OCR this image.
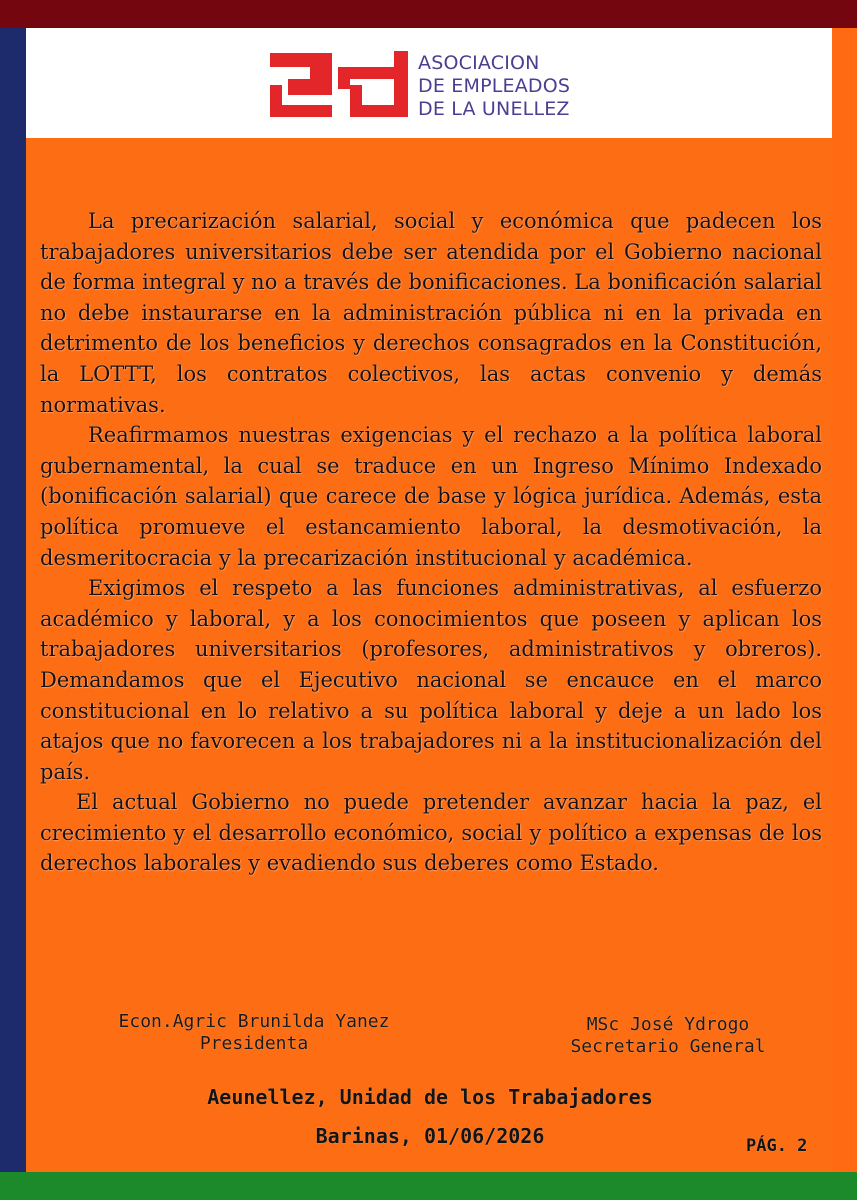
ASOCIACION
DE EMPLEADOS
DE LA UNELLEZ

La precarización salarial, social y económica que padecen los trabajadores universitarios debe ser atendida por el Gobierno nacional de forma integral y no a través de bonificaciones. La bonificación salarial no debe instaurarse en la administración pública ni en la privada en detrimento de los beneficios y derechos consagrados en la Constitución, la LOTTT, los contratos colectivos, las actas convenio y demás normativas.

Reafirmamos nuestras exigencias y el rechazo a la política laboral gubernamental, la cual se traduce en un Ingreso Mínimo Indexado (bonificación salarial) que carece de base y lógica jurídica. Además, esta política promueve el estancamiento laboral, la desmotivación, la desmeritocracia y la precarización institucional y académica.

Exigimos el respeto a las funciones administrativas, al esfuerzo académico y laboral, y a los conocimientos que poseen y aplican los trabajadores universitarios (profesores, administrativos y obreros). Demandamos que el Ejecutivo nacional se encauce en el marco constitucional en lo relativo a su política laboral y deje a un lado los atajos que no favorecen a los trabajadores ni a la institucionalización del país.

El actual Gobierno no puede pretender avanzar hacia la paz, el crecimiento y el desarrollo económico, social y político a expensas de los derechos laborales y evadiendo sus deberes como Estado.

Econ.Agric Brunilda Yanez
Presidenta
MSc José Ydrogo
Secretario General
Aeunellez, Unidad de los Trabajadores
Barinas, 01/06/2026	PÁG. 2
